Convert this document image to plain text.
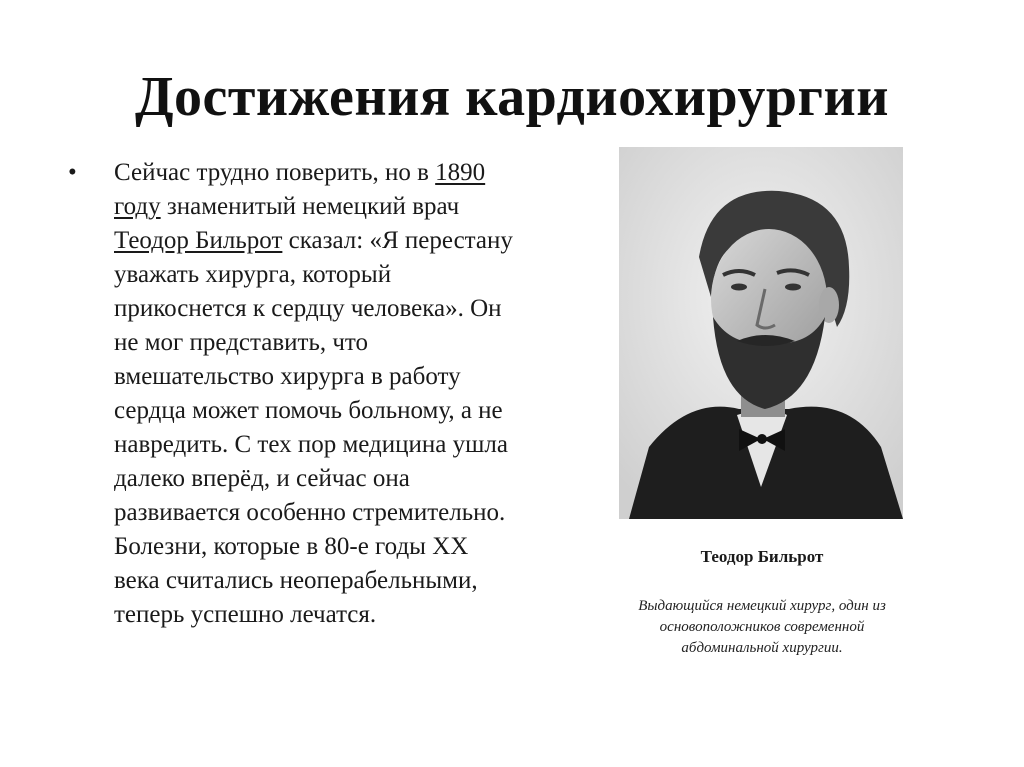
Достижения кардиохирургии
• Сейчас трудно поверить, но в 1890 году знаменитый немецкий врач Теодор Бильрот сказал: «Я перестану уважать хирурга, который прикоснется к сердцу человека». Он не мог представить, что вмешательство хирурга в работу сердца может помочь больному, а не навредить. С тех пор медицина ушла далеко вперёд, и сейчас она развивается особенно стремительно. Болезни, которые в 80-е годы XX века считались неоперабельными, теперь успешно лечатся.
Теодор Бильрот
Выдающийся немецкий хирург, один из основоположников современной абдоминальной хирургии.
